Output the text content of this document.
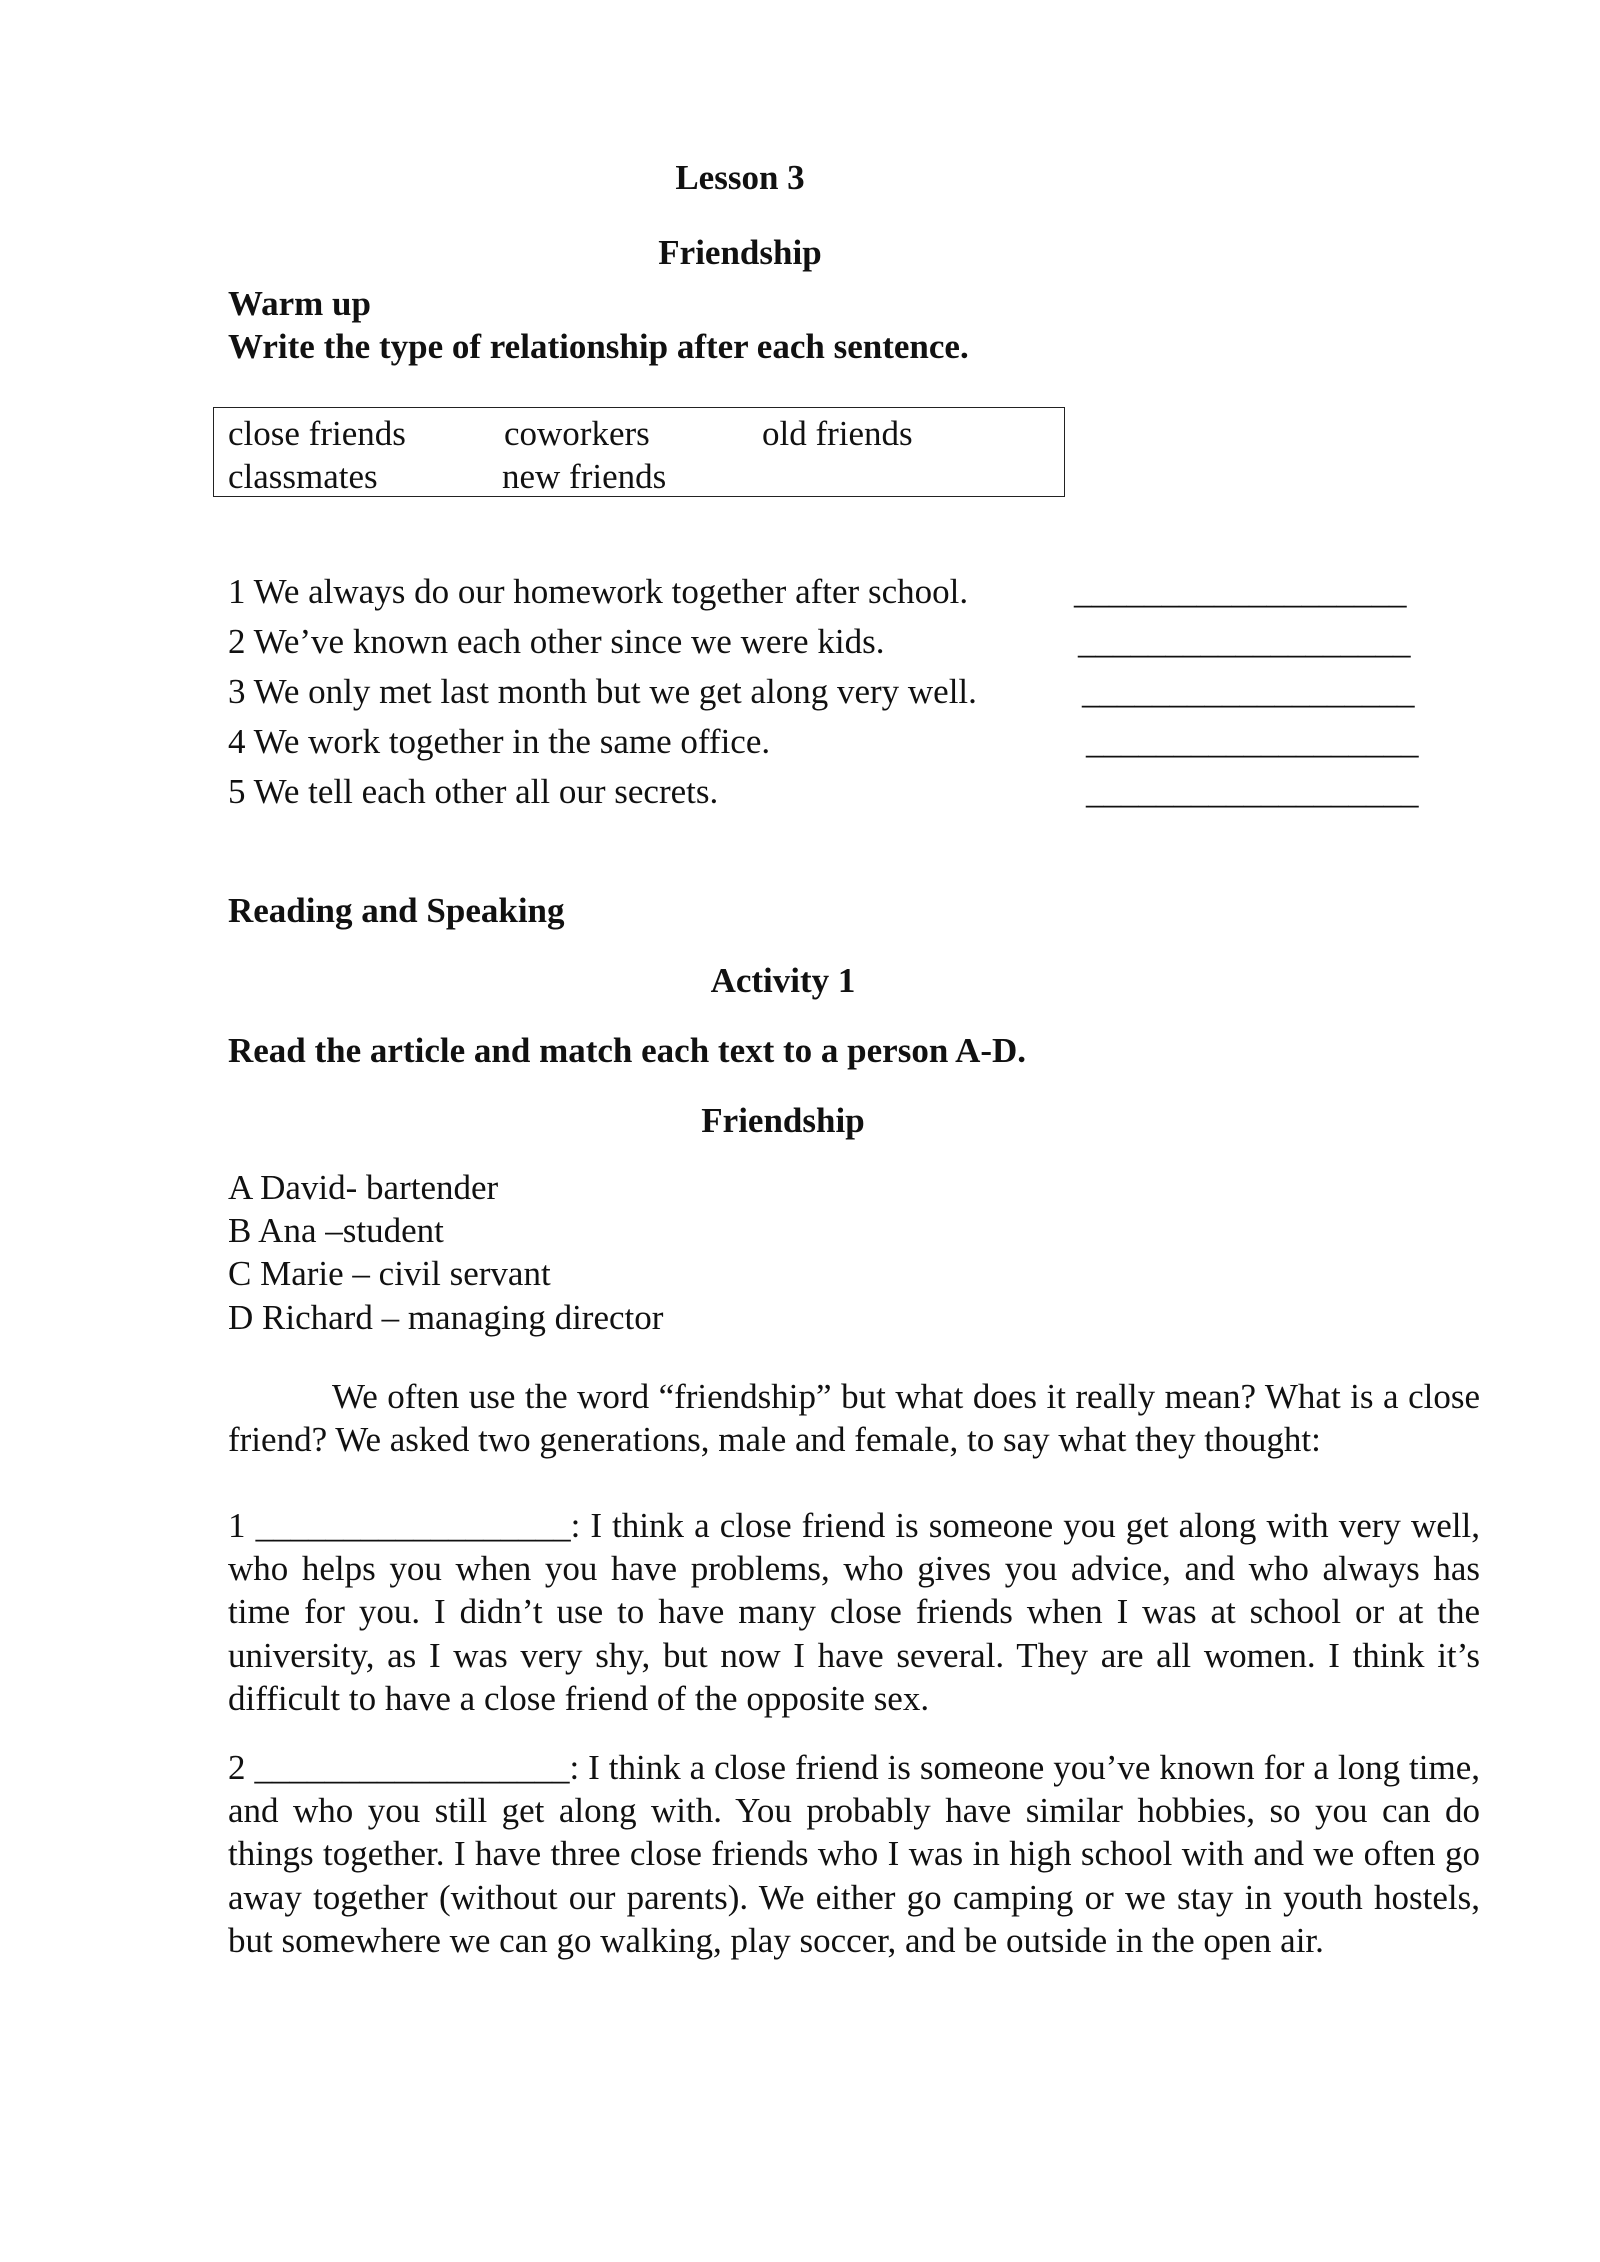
Lesson 3
Friendship
Warm up
Write the type of relationship after each sentence.
close friends	coworkers	old friends
classmates	new friends
1 We always do our homework together after school.	___________________
2 We’ve known each other since we were kids.	___________________
3 We only met last month but we get along very well.	___________________
4 We work together in the same office.	___________________
5 We tell each other all our secrets.	___________________
Reading and Speaking
Activity 1
Read the article and match each text to a person A-D.
Friendship
A David- bartender
B Ana –student
C Marie – civil servant
D Richard – managing director

We often use the word “friendship” but what does it really mean? What is a close friend? We asked two generations, male and female, to say what they thought:

1 __________________: I think a close friend is someone you get along with very well, who helps you when you have problems, who gives you advice, and who always has time for you. I didn’t use to have many close friends when I was at school or at the university, as I was very shy, but now I have several. They are all women. I think it’s difficult to have a close friend of the opposite sex.

2 __________________: I think a close friend is someone you’ve known for a long time, and who you still get along with. You probably have similar hobbies, so you can do things together. I have three close friends who I was in high school with and we often go away together (without our parents). We either go camping or we stay in youth hostels, but somewhere we can go walking, play soccer, and be outside in the open air.
